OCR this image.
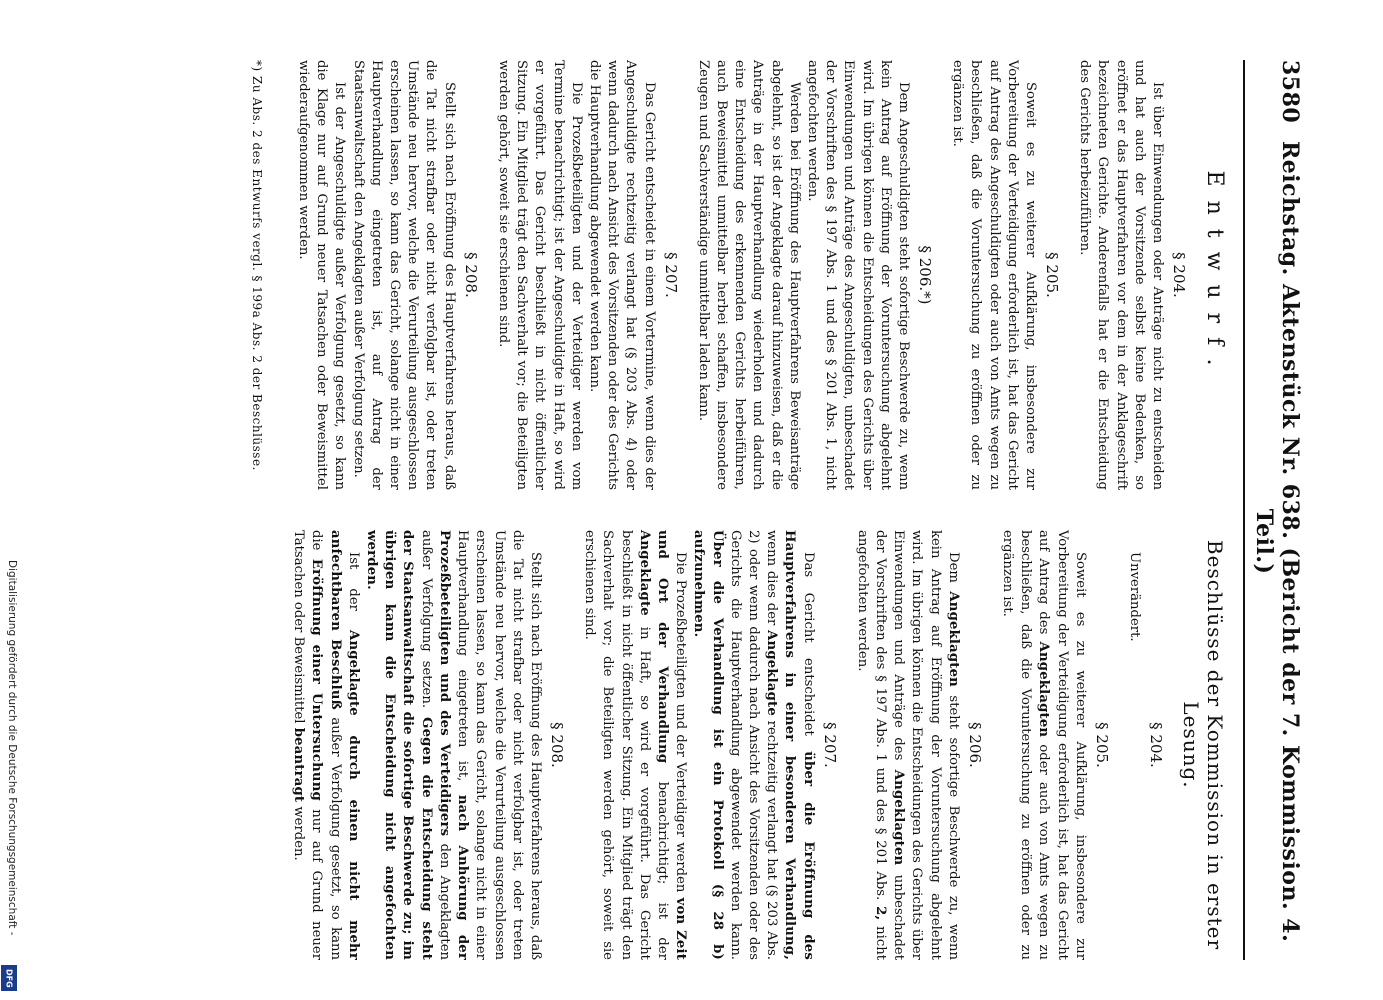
3580
Reichstag. Aktenstück Nr. 638. (Bericht der 7. Kommission. 4. Teil.)
Entwurf.
§ 204.
Ist über Einwendungen oder Anträge nicht zu entscheiden und hat auch der Vorsitzende selbst keine Bedenken, so eröffnet er das Hauptverfahren vor dem in der Anklageschrift bezeichneten Gerichte. Anderenfalls hat er die Entscheidung des Gerichts herbeizuführen.
§ 205.
Soweit es zu weiterer Aufklärung, insbesondere zur Vorbereitung der Verteidigung erforderlich ist, hat das Gericht auf Antrag des Angeschuldigten oder auch von Amts wegen zu beschließen, daß die Voruntersuchung zu eröffnen oder zu ergänzen ist.
§ 206.*)
Dem Angeschuldigten steht sofortige Beschwerde zu, wenn kein Antrag auf Eröffnung der Voruntersuchung abgelehnt wird. Im übrigen können die Entscheidungen des Gerichts über Einwendungen und Anträge des Angeschuldigten, unbeschadet der Vorschriften des § 197 Abs. 1 und des § 201 Abs. 1, nicht angefochten werden.
Werden bei Eröffnung des Hauptverfahrens Beweisanträge abgelehnt, so ist der Angeklagte darauf hinzuweisen, daß er die Anträge in der Hauptverhandlung wiederholen und dadurch eine Entscheidung des erkennenden Gerichts herbeiführen, auch Beweismittel unmittelbar herbei schaffen, insbesondere Zeugen und Sachverständige unmittelbar laden kann.
§ 207.
Das Gericht entscheidet in einem Vortermine, wenn dies der Angeschuldigte rechtzeitig verlangt hat (§ 203 Abs. 4) oder wenn dadurch nach Ansicht des Vorsitzenden oder des Gerichts die Hauptverhandlung abgewendet werden kann.
Die Prozeßbeteiligten und der Verteidiger werden vom Termine benachrichtigt; ist der Angeschuldigte in Haft, so wird er vorgeführt. Das Gericht beschließt in nicht öffentlicher Sitzung. Ein Mitglied trägt den Sachverhalt vor; die Beteiligten werden gehört, soweit sie erschienen sind.
§ 208.
Stellt sich nach Eröffnung des Hauptverfahrens heraus, daß die Tat nicht strafbar oder nicht verfolgbar ist, oder treten Umstände neu hervor, welche die Verurteilung ausgeschlossen erscheinen lassen, so kann das Gericht, solange nicht in einer Hauptverhandlung eingetreten ist, auf Antrag der Staatsanwaltschaft den Angeklagten außer Verfolgung setzen.
Ist der Angeschuldigte außer Verfolgung gesetzt, so kann die Klage nur auf Grund neuer Tatsachen oder Beweismittel wiederaufgenommen werden.
*) Zu Abs. 2 des Entwurfs vergl. § 199a Abs. 2 der Beschlüsse.
Beschlüsse der Kommission in erster Lesung.
§ 204.
Unverändert.
§ 205.
Soweit es zu weiterer Aufklärung, insbesondere zur Vorbereitung der Verteidigung erforderlich ist, hat das Gericht auf Antrag des Angeklagten oder auch von Amts wegen zu beschließen, daß die Voruntersuchung zu eröffnen oder zu ergänzen ist.
§ 206.
Dem Angeklagten steht sofortige Beschwerde zu, wenn kein Antrag auf Eröffnung der Voruntersuchung abgelehnt wird. Im übrigen können die Entscheidungen des Gerichts über Einwendungen und Anträge des Angeklagten unbeschadet der Vorschriften des § 197 Abs. 1 und des § 201 Abs. 2, nicht angefochten werden.
§ 207.
Das Gericht entscheidet über die Eröffnung des Hauptverfahrens in einer besonderen Verhandlung, wenn dies der Angeklagte rechtzeitig verlangt hat (§ 203 Abs. 2) oder wenn dadurch nach Ansicht des Vorsitzenden oder des Gerichts die Hauptverhandlung abgewendet werden kann. Über die Verhandlung ist ein Protokoll (§ 28 b) aufzunehmen.
Die Prozeßbeteiligten und der Verteidiger werden von Zeit und Ort der Verhandlung benachrichtigt; ist der Angeklagte in Haft, so wird er vorgeführt. Das Gericht beschließt in nicht öffentlicher Sitzung. Ein Mitglied trägt den Sachverhalt vor; die Beteiligten werden gehört, soweit sie erschienen sind.
§ 208.
Stellt sich nach Eröffnung des Hauptverfahrens heraus, daß die Tat nicht strafbar oder nicht verfolgbar ist, oder treten Umstände neu hervor, welche die Verurteilung ausgeschlossen erscheinen lassen, so kann das Gericht, solange nicht in einer Hauptverhandlung eingetreten ist, nach Anhörung der Prozeßbeteiligten und des Verteidigers den Angeklagten außer Verfolgung setzen. Gegen die Entscheidung steht der Staatsanwaltschaft die sofortige Beschwerde zu; im übrigen kann die Entscheidung nicht angefochten werden.
Ist der Angeklagte durch einen nicht mehr anfechtbaren Beschluß außer Verfolgung gesetzt, so kann die Eröffnung einer Untersuchung nur auf Grund neuer Tatsachen oder Beweismittel beantragt werden.
Digitalisierung gefördert durch die Deutsche Forschungsgemeinschaft -
DFG
